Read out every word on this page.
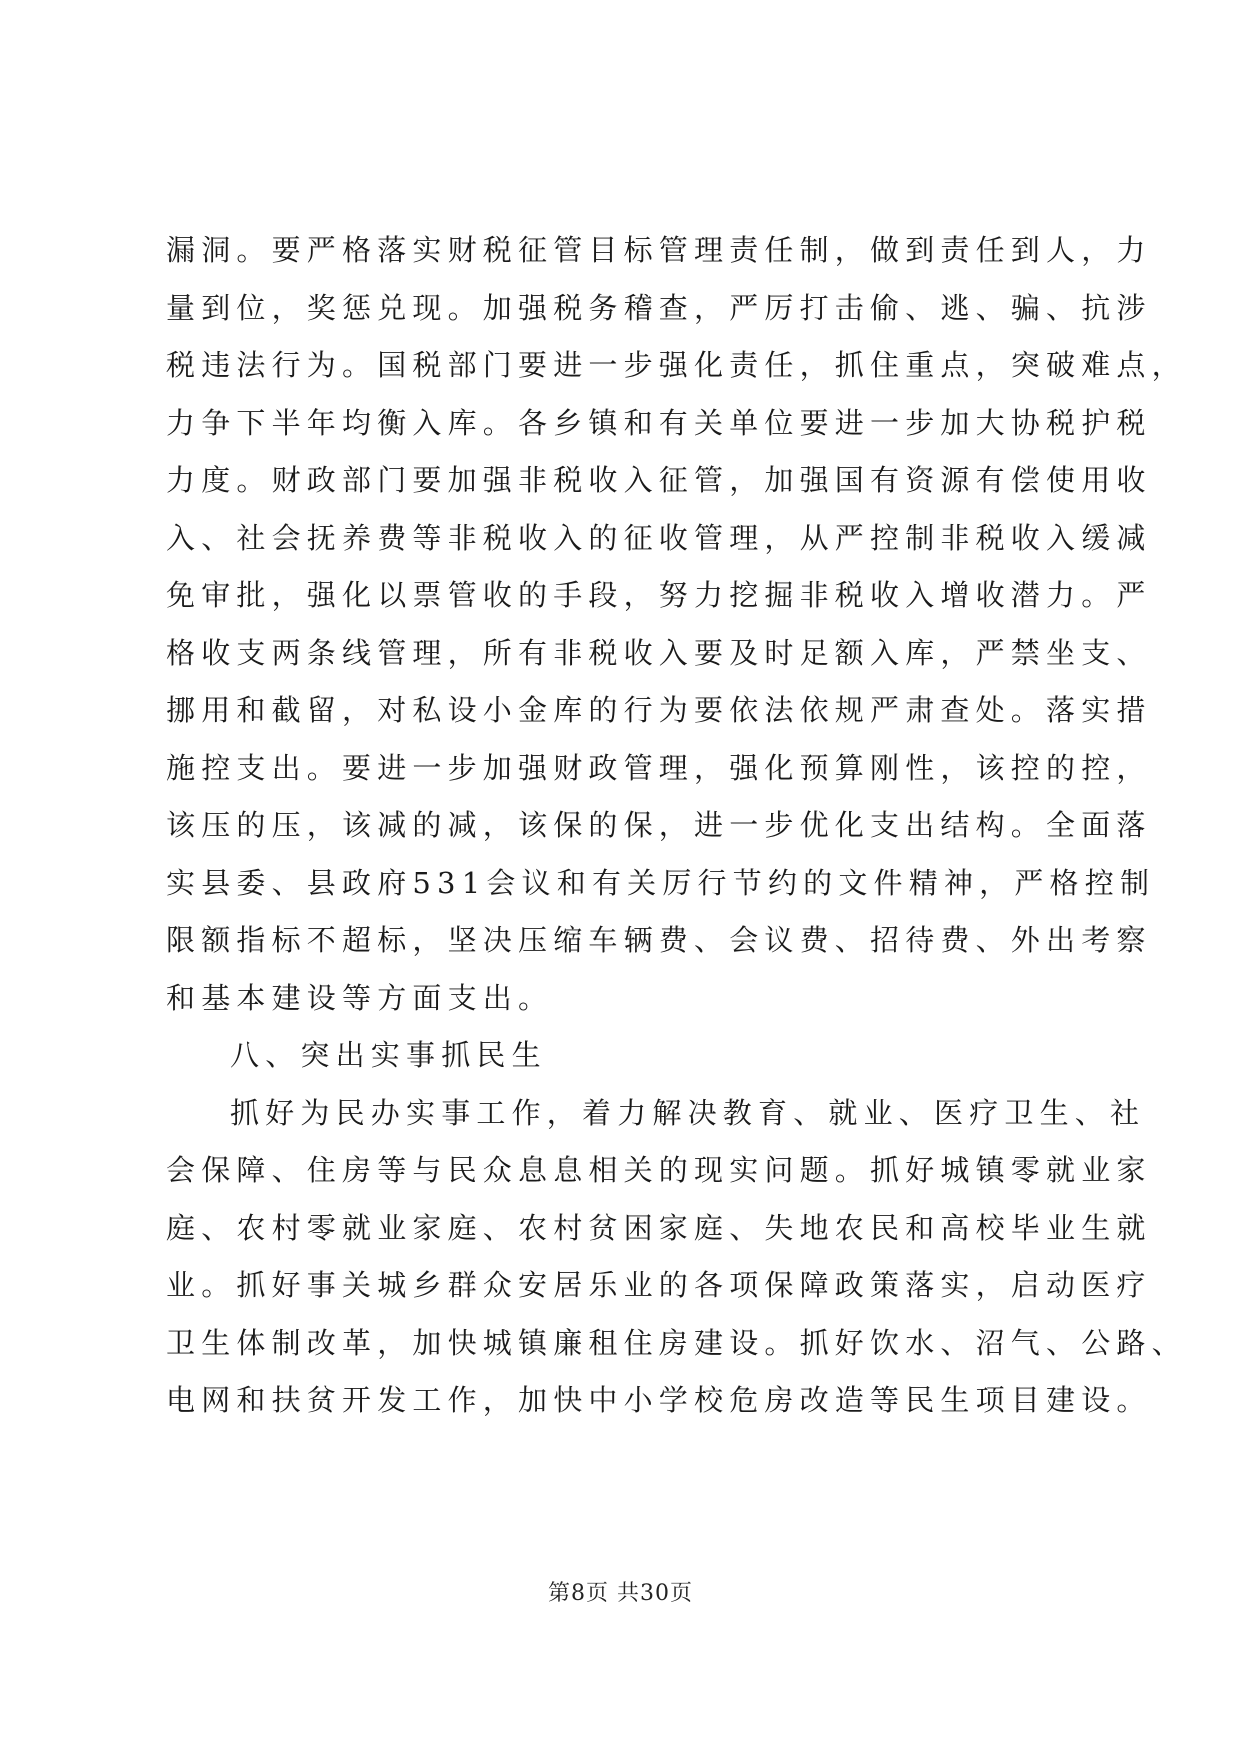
漏洞。要严格落实财税征管目标管理责任制，做到责任到人，力
量到位，奖惩兑现。加强税务稽查，严厉打击偷、逃、骗、抗涉
税违法行为。国税部门要进一步强化责任，抓住重点，突破难点，
力争下半年均衡入库。各乡镇和有关单位要进一步加大协税护税
力度。财政部门要加强非税收入征管，加强国有资源有偿使用收
入、社会抚养费等非税收入的征收管理，从严控制非税收入缓减
免审批，强化以票管收的手段，努力挖掘非税收入增收潜力。严
格收支两条线管理，所有非税收入要及时足额入库，严禁坐支、
挪用和截留，对私设小金库的行为要依法依规严肃查处。落实措
施控支出。要进一步加强财政管理，强化预算刚性，该控的控，
该压的压，该减的减，该保的保，进一步优化支出结构。全面落
实县委、县政府531会议和有关厉行节约的文件精神，严格控制
限额指标不超标，坚决压缩车辆费、会议费、招待费、外出考察
和基本建设等方面支出。
八、突出实事抓民生
抓好为民办实事工作，着力解决教育、就业、医疗卫生、社
会保障、住房等与民众息息相关的现实问题。抓好城镇零就业家
庭、农村零就业家庭、农村贫困家庭、失地农民和高校毕业生就
业。抓好事关城乡群众安居乐业的各项保障政策落实，启动医疗
卫生体制改革，加快城镇廉租住房建设。抓好饮水、沼气、公路、
电网和扶贫开发工作，加快中小学校危房改造等民生项目建设。
第8页 共30页
